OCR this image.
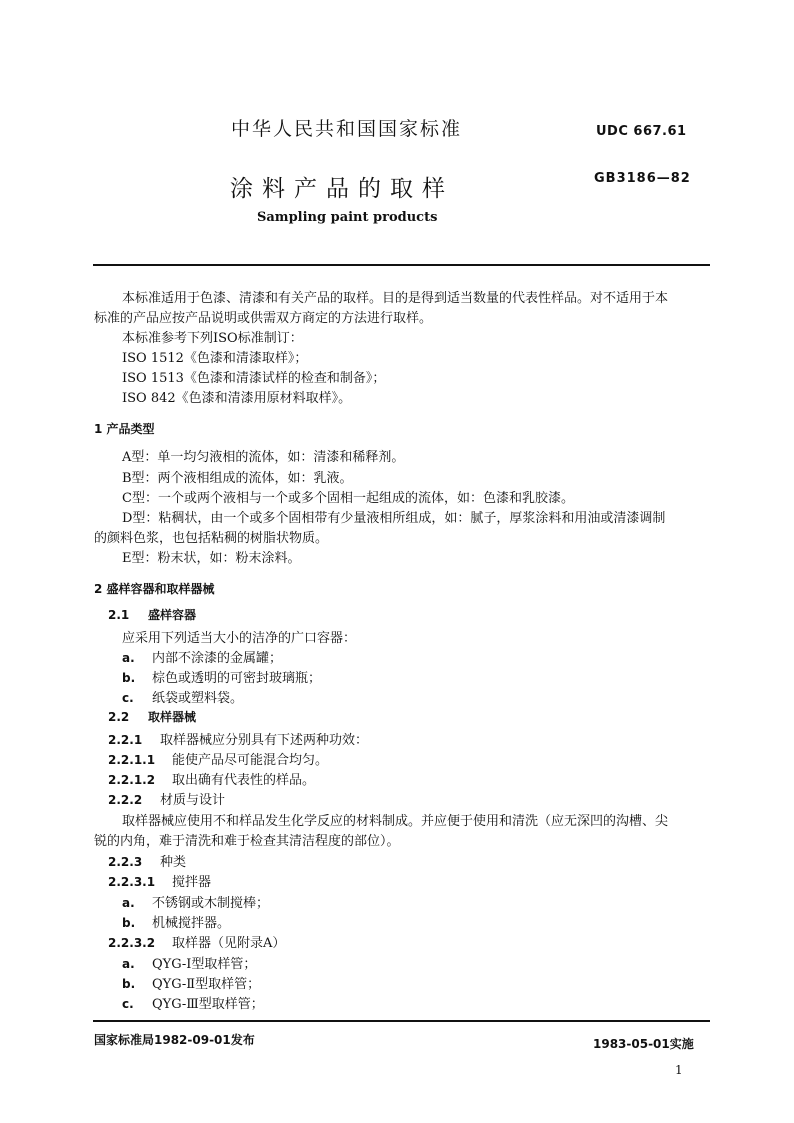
中华人民共和国国家标准	UDC 667.61
涂料产品的取样	GB3186—82
Sampling paint products
本标准适用于色漆、清漆和有关产品的取样。目的是得到适当数量的代表性样品。对不适用于本
标准的产品应按产品说明或供需双方商定的方法进行取样。
本标准参考下列ISO标准制订：
ISO 1512《色漆和清漆取样》；
ISO 1513《色漆和清漆试样的检查和制备》；
ISO 842《色漆和清漆用原材料取样》。
1 产品类型
A型：单一均匀液相的流体，如：清漆和稀释剂。
B型：两个液相组成的流体，如：乳液。
C型：一个或两个液相与一个或多个固相一起组成的流体，如：色漆和乳胶漆。
D型：粘稠状，由一个或多个固相带有少量液相所组成，如：腻子，厚浆涂料和用油或清漆调制
的颜料色浆，也包括粘稠的树脂状物质。
E型：粉末状，如：粉末涂料。
2 盛样容器和取样器械
2.1 盛样容器
应采用下列适当大小的洁净的广口容器：
a. 内部不涂漆的金属罐；
b. 棕色或透明的可密封玻璃瓶；
c. 纸袋或塑料袋。
2.2 取样器械
2.2.1 取样器械应分别具有下述两种功效：
2.2.1.1 能使产品尽可能混合均匀。
2.2.1.2 取出确有代表性的样品。
2.2.2 材质与设计
取样器械应使用不和样品发生化学反应的材料制成。并应便于使用和清洗（应无深凹的沟槽、尖
锐的内角，难于清洗和难于检查其清洁程度的部位）。
2.2.3 种类
2.2.3.1 搅拌器
a. 不锈钢或木制搅棒；
b. 机械搅拌器。
2.2.3.2 取样器（见附录A）
a. QYG-Ⅰ型取样管；
b. QYG-Ⅱ型取样管；
c. QYG-Ⅲ型取样管；
国家标准局1982-09-01发布	1983-05-01实施
1
